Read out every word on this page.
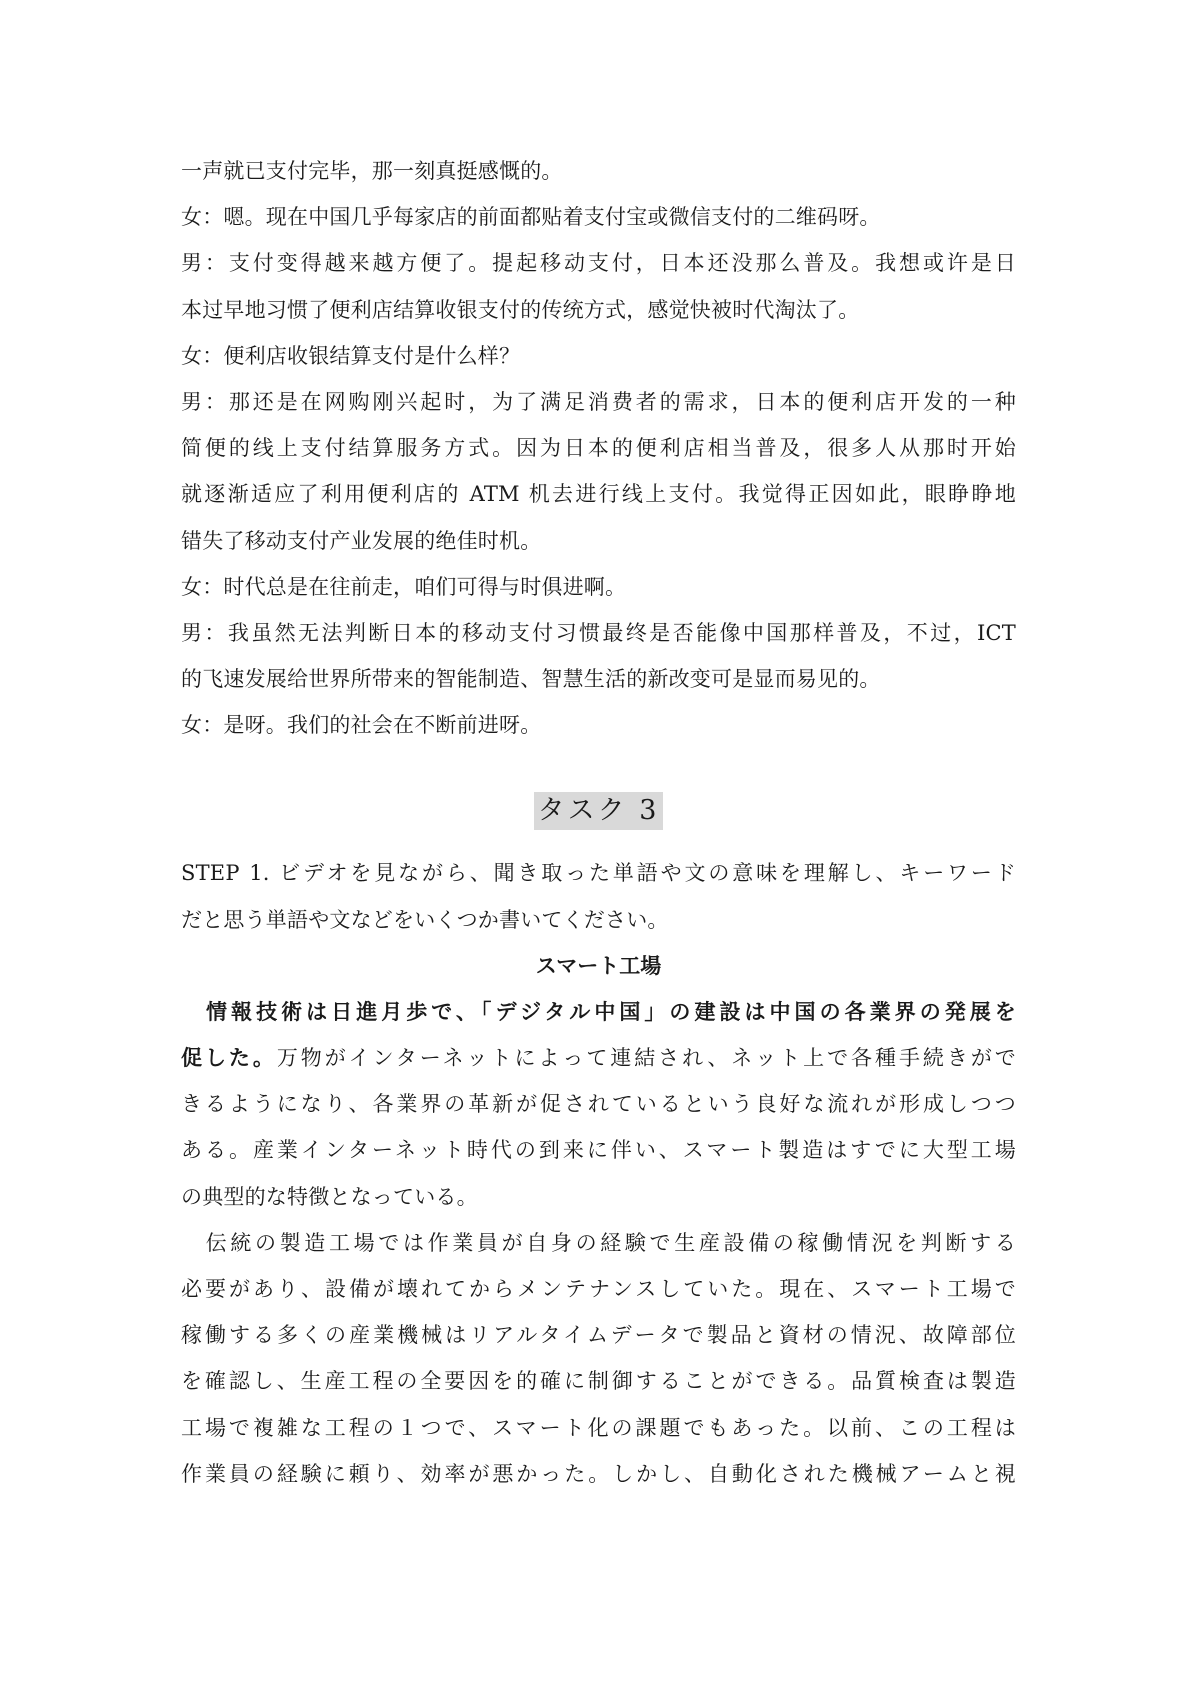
一声就已支付完毕，那一刻真挺感慨的。
女：嗯。现在中国几乎每家店的前面都贴着支付宝或微信支付的二维码呀。
男：支付变得越来越方便了。提起移动支付，日本还没那么普及。我想或许是日
本过早地习惯了便利店结算收银支付的传统方式，感觉快被时代淘汰了。
女：便利店收银结算支付是什么样？
男：那还是在网购刚兴起时，为了满足消费者的需求，日本的便利店开发的一种
简便的线上支付结算服务方式。因为日本的便利店相当普及，很多人从那时开始
就逐渐适应了利用便利店的 ATM 机去进行线上支付。我觉得正因如此，眼睁睁地
错失了移动支付产业发展的绝佳时机。
女：时代总是在往前走，咱们可得与时俱进啊。
男：我虽然无法判断日本的移动支付习惯最终是否能像中国那样普及，不过，ICT
的飞速发展给世界所带来的智能制造、智慧生活的新改变可是显而易见的。
女：是呀。我们的社会在不断前进呀。
タスク 3
STEP 1. ビデオを見ながら、聞き取った単語や文の意味を理解し、キーワード
だと思う単語や文などをいくつか書いてください。
スマート工場
　情報技術は日進月歩で、「デジタル中国」の建設は中国の各業界の発展を
促した。万物がインターネットによって連結され、ネット上で各種手続きがで
きるようになり、各業界の革新が促されているという良好な流れが形成しつつ
ある。産業インターネット時代の到来に伴い、スマート製造はすでに大型工場
の典型的な特徴となっている。
　伝統の製造工場では作業員が自身の経験で生産設備の稼働情況を判断する
必要があり、設備が壊れてからメンテナンスしていた。現在、スマート工場で
稼働する多くの産業機械はリアルタイムデータで製品と資材の情況、故障部位
を確認し、生産工程の全要因を的確に制御することができる。品質検査は製造
工場で複雑な工程の１つで、スマート化の課題でもあった。以前、この工程は
作業員の経験に頼り、効率が悪かった。しかし、自動化された機械アームと視
